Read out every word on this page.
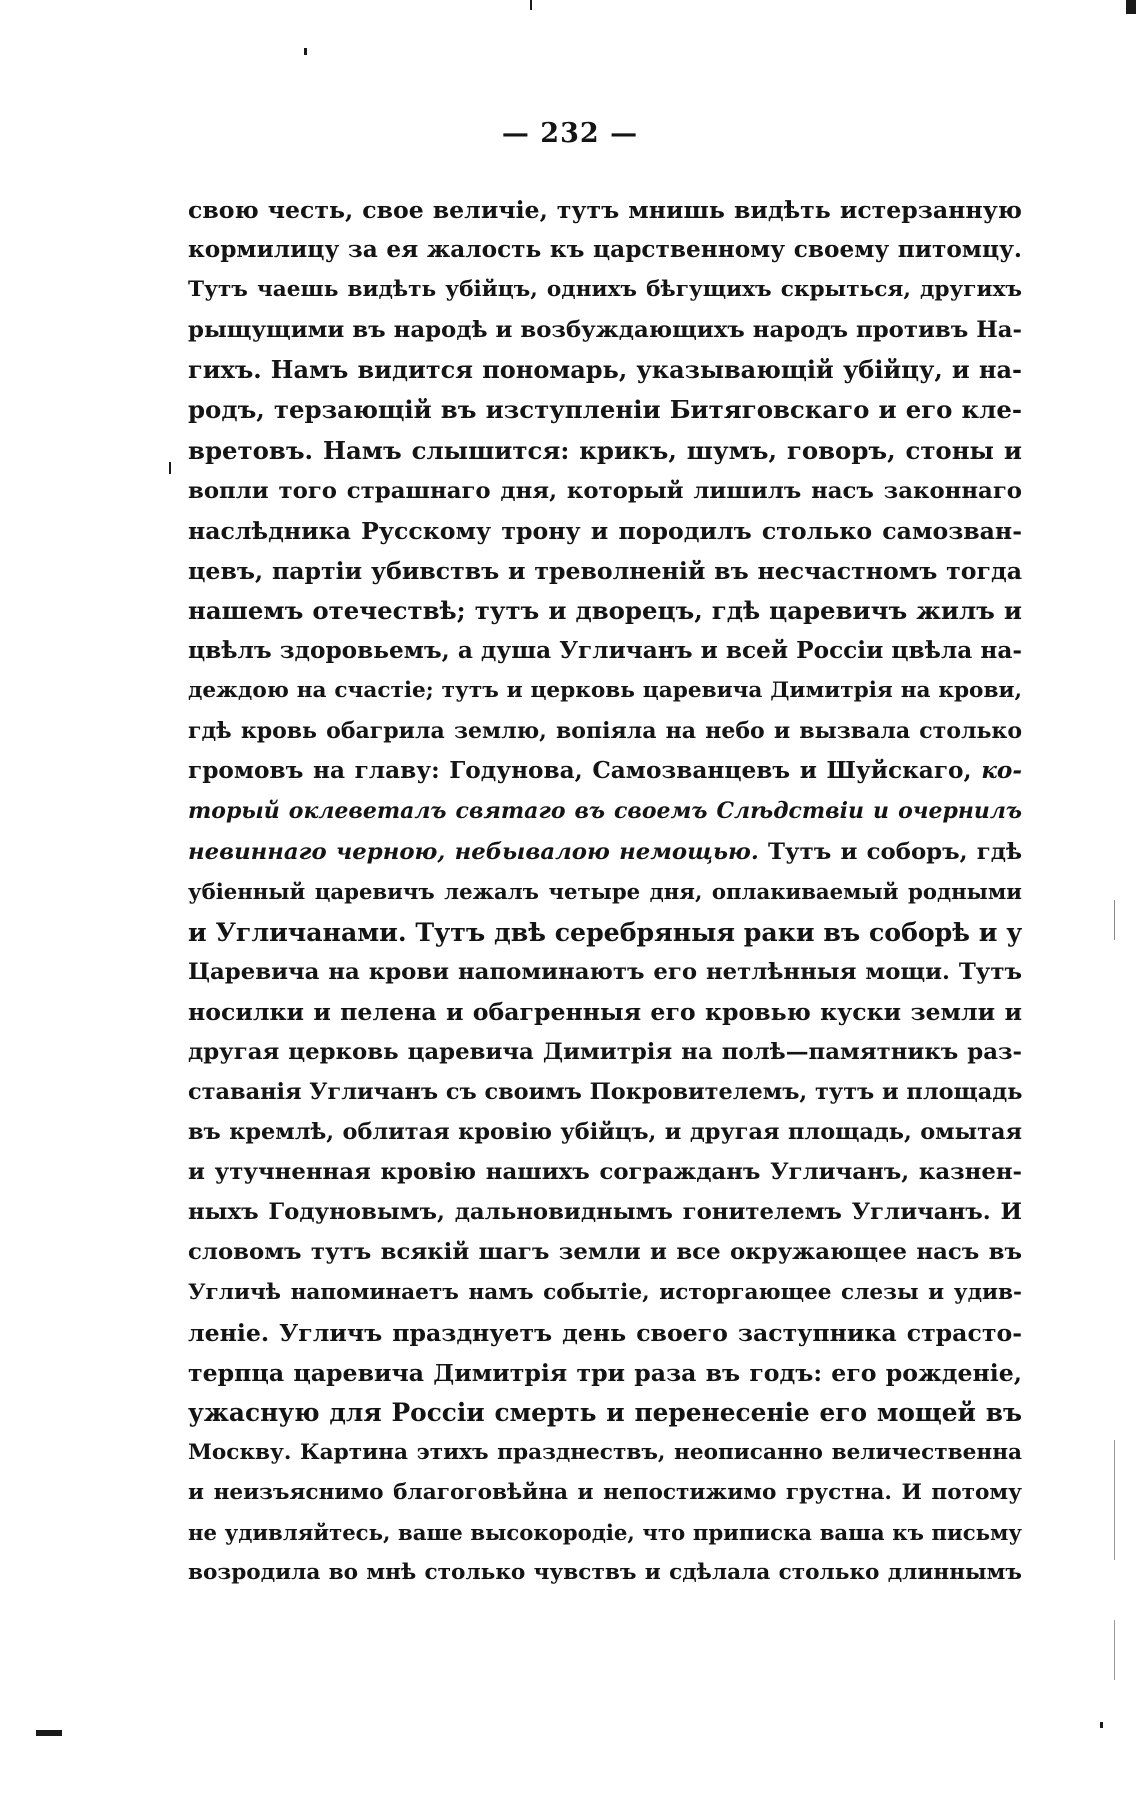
— 232 —
свою честь, свое величіе, тутъ мнишь видѣть истерзанную
кормилицу за ея жалость къ царственному своему питомцу.
Тутъ чаешь видѣть убійцъ, однихъ бѣгущихъ скрыться, другихъ
рыщущими въ народѣ и возбуждающихъ народъ противъ На-
гихъ. Намъ видится пономарь, указывающій убійцу, и на-
родъ, терзающій въ изступленіи Битяговскаго и его кле-
вретовъ. Намъ слышится: крикъ, шумъ, говоръ, стоны и
вопли того страшнаго дня, который лишилъ насъ законнаго
наслѣдника Русскому трону и породилъ столько самозван-
цевъ, партіи убивствъ и треволненій въ несчастномъ тогда
нашемъ отечествѣ; тутъ и дворецъ, гдѣ царевичъ жилъ и
цвѣлъ здоровьемъ, а душа Угличанъ и всей Россіи цвѣла на-
деждою на счастіе; тутъ и церковь царевича Димитрія на крови,
гдѣ кровь обагрила землю, вопіяла на небо и вызвала столько
громовъ на главу: Годунова, Самозванцевъ и Шуйскаго, ко-
торый оклеветалъ святаго въ своемъ Слѣдствіи и очернилъ
невиннаго черною, небывалою немощью. Тутъ и соборъ, гдѣ
убіенный царевичъ лежалъ четыре дня, оплакиваемый родными
и Угличанами. Тутъ двѣ серебряныя раки въ соборѣ и у
Царевича на крови напоминаютъ его нетлѣнныя мощи. Тутъ
носилки и пелена и обагренныя его кровью куски земли и
другая церковь царевича Димитрія на полѣ—памятникъ раз-
ставанія Угличанъ съ своимъ Покровителемъ, тутъ и площадь
въ кремлѣ, облитая кровію убійцъ, и другая площадь, омытая
и утучненная кровію нашихъ согражданъ Угличанъ, казнен-
ныхъ Годуновымъ, дальновиднымъ гонителемъ Угличанъ. И
словомъ тутъ всякій шагъ земли и все окружающее насъ въ
Угличѣ напоминаетъ намъ событіе, исторгающее слезы и удив-
леніе. Угличъ празднуетъ день своего заступника страсто-
терпца царевича Димитрія три раза въ годъ: его рожденіе,
ужасную для Россіи смерть и перенесеніе его мощей въ
Москву. Картина этихъ празднествъ, неописанно величественна
и неизъяснимо благоговѣйна и непостижимо грустна. И потому
не удивляйтесь, ваше высокородіе, что приписка ваша къ письму
возродила во мнѣ столько чувствъ и сдѣлала столько длиннымъ
